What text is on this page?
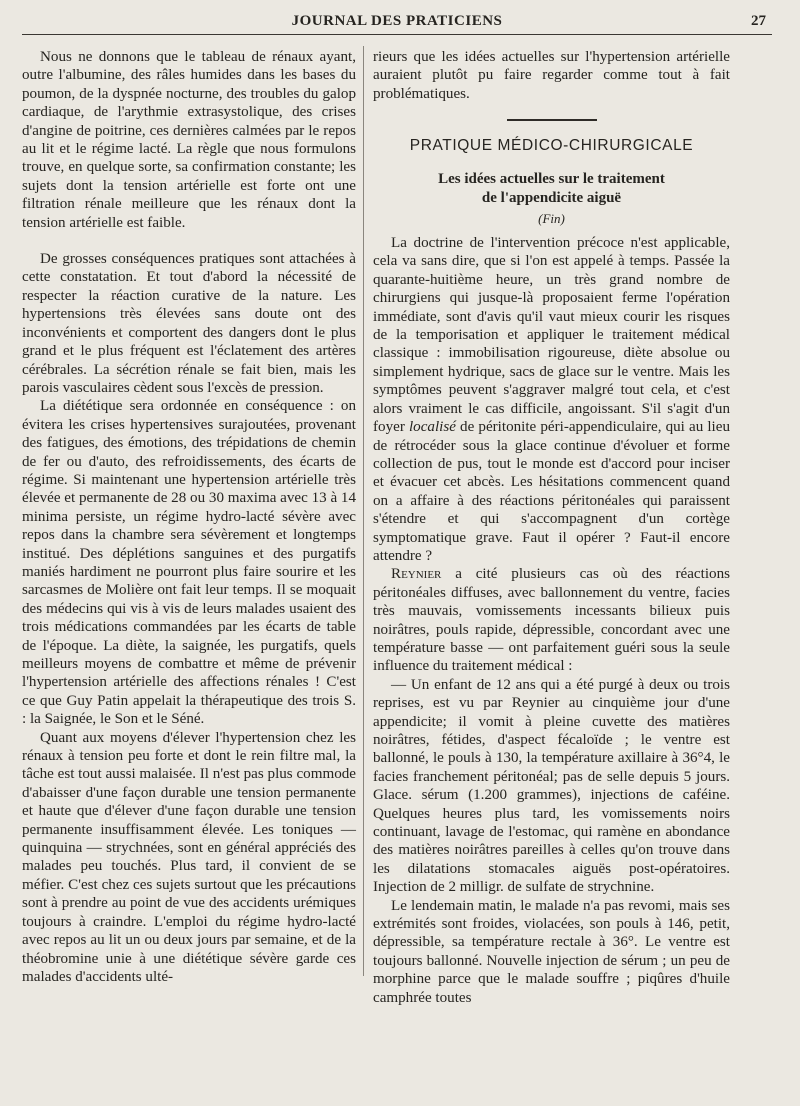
JOURNAL DES PRATICIENS	27

Nous ne donnons que le tableau de rénaux ayant, outre l'albumine, des râles humides dans les bases du poumon, de la dyspnée nocturne, des troubles du galop cardiaque, de l'arythmie extrasystolique, des crises d'angine de poitrine, ces dernières calmées par le repos au lit et le régime lacté. La règle que nous formulons trouve, en quelque sorte, sa confirmation constante; les sujets dont la tension artérielle est forte ont une filtration rénale meilleure que les rénaux dont la tension artérielle est faible.

De grosses conséquences pratiques sont attachées à cette constatation. Et tout d'abord la nécessité de respecter la réaction curative de la nature. Les hypertensions très élevées sans doute ont des inconvénients et comportent des dangers dont le plus grand et le plus fréquent est l'éclatement des artères cérébrales. La sécrétion rénale se fait bien, mais les parois vasculaires cèdent sous l'excès de pression.

La diététique sera ordonnée en conséquence : on évitera les crises hypertensives surajoutées, provenant des fatigues, des émotions, des trépidations de chemin de fer ou d'auto, des refroidissements, des écarts de régime. Si maintenant une hypertension artérielle très élevée et permanente de 28 ou 30 maxima avec 13 à 14 minima persiste, un régime hydro-lacté sévère avec repos dans la chambre sera sévèrement et longtemps institué. Des déplétions sanguines et des purgatifs maniés hardiment ne pourront plus faire sourire et les sarcasmes de Molière ont fait leur temps. Il se moquait des médecins qui vis à vis de leurs malades usaient des trois médications commandées par les écarts de table de l'époque. La diète, la saignée, les purgatifs, quels meilleurs moyens de combattre et même de prévenir l'hypertension artérielle des affections rénales ! C'est ce que Guy Patin appelait la thérapeutique des trois S. : la Saignée, le Son et le Séné.

Quant aux moyens d'élever l'hypertension chez les rénaux à tension peu forte et dont le rein filtre mal, la tâche est tout aussi malaisée. Il n'est pas plus commode d'abaisser d'une façon durable une tension permanente et haute que d'élever d'une façon durable une tension permanente insuffisamment élevée. Les toniques — quinquina — strychnées, sont en général appréciés des malades peu touchés. Plus tard, il convient de se méfier. C'est chez ces sujets surtout que les précautions sont à prendre au point de vue des accidents urémiques toujours à craindre. L'emploi du régime hydro-lacté avec repos au lit un ou deux jours par semaine, et de la théobromine unie à une diététique sévère garde ces malades d'accidents ulté-

rieurs que les idées actuelles sur l'hypertension artérielle auraient plutôt pu faire regarder comme tout à fait problématiques.

PRATIQUE MÉDICO-CHIRURGICALE
Les idées actuelles sur le traitement
de l'appendicite aiguë
(Fin)

La doctrine de l'intervention précoce n'est applicable, cela va sans dire, que si l'on est appelé à temps. Passée la quarante-huitième heure, un très grand nombre de chirurgiens qui jusque-là proposaient ferme l'opération immédiate, sont d'avis qu'il vaut mieux courir les risques de la temporisation et appliquer le traitement médical classique : immobilisation rigoureuse, diète absolue ou simplement hydrique, sacs de glace sur le ventre. Mais les symptômes peuvent s'aggraver malgré tout cela, et c'est alors vraiment le cas difficile, angoissant. S'il s'agit d'un foyer localisé de péritonite péri-appendiculaire, qui au lieu de rétrocéder sous la glace continue d'évoluer et forme collection de pus, tout le monde est d'accord pour inciser et évacuer cet abcès. Les hésitations commencent quand on a affaire à des réactions péritonéales qui paraissent s'étendre et qui s'accompagnent d'un cortège symptomatique grave. Faut il opérer ? Faut-il encore attendre ?

Reynier a cité plusieurs cas où des réactions péritonéales diffuses, avec ballonnement du ventre, facies très mauvais, vomissements incessants bilieux puis noirâtres, pouls rapide, dépressible, concordant avec une température basse — ont parfaitement guéri sous la seule influence du traitement médical :

— Un enfant de 12 ans qui a été purgé à deux ou trois reprises, est vu par Reynier au cinquième jour d'une appendicite; il vomit à pleine cuvette des matières noirâtres, fétides, d'aspect fécaloïde ; le ventre est ballonné, le pouls à 130, la température axillaire à 36°4, le facies franchement péritonéal; pas de selle depuis 5 jours. Glace. sérum (1.200 grammes), injections de caféine. Quelques heures plus tard, les vomissements noirs continuant, lavage de l'estomac, qui ramène en abondance des matières noirâtres pareilles à celles qu'on trouve dans les dilatations stomacales aiguës post-opératoires. Injection de 2 milligr. de sulfate de strychnine.

Le lendemain matin, le malade n'a pas revomi, mais ses extrémités sont froides, violacées, son pouls à 146, petit, dépressible, sa température rectale à 36°. Le ventre est toujours ballonné. Nouvelle injection de sérum ; un peu de morphine parce que le malade souffre ; piqûres d'huile camphrée toutes
